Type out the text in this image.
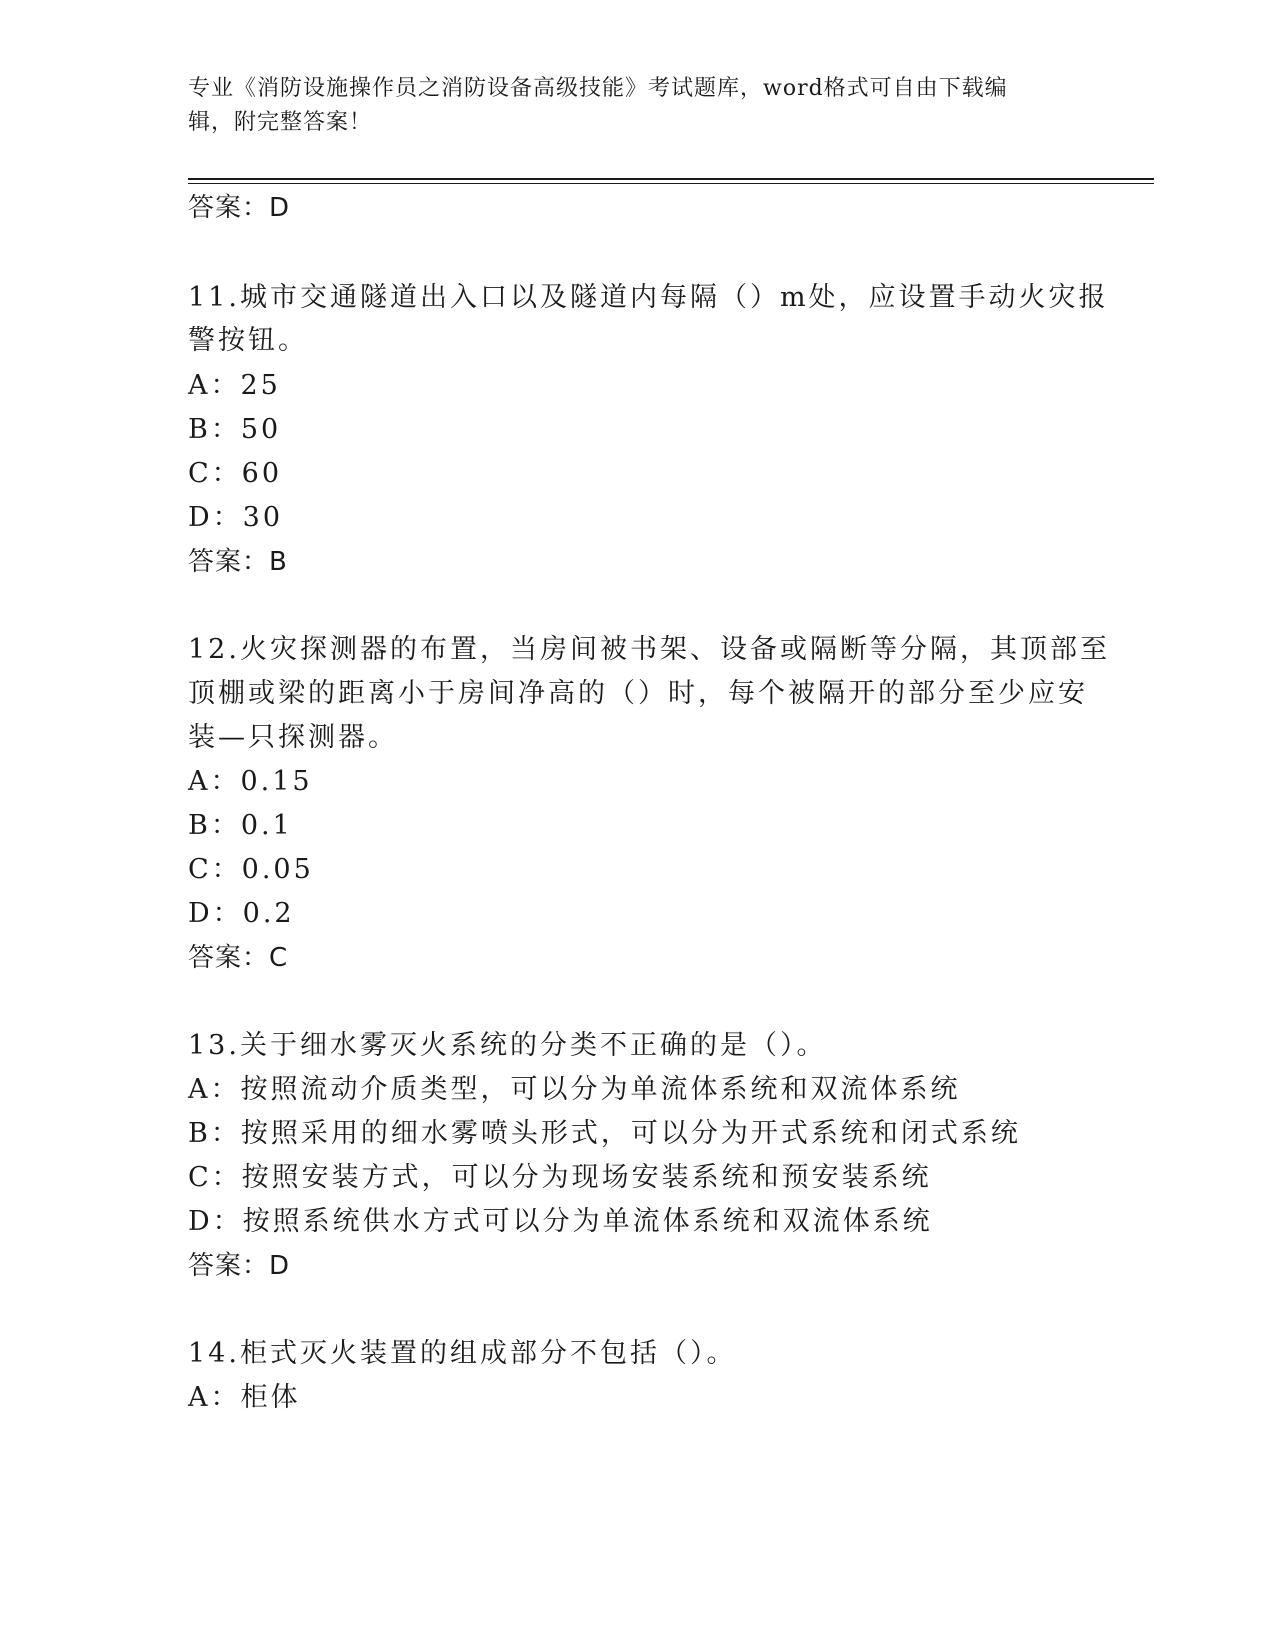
专业《消防设施操作员之消防设备高级技能》考试题库，word格式可自由下载编
辑，附完整答案！
答案：D
11.城市交通隧道出入口以及隧道内每隔（）m处，应设置手动火灾报
警按钮。
A：25
B：50
C：60
D：30
答案：B
12.火灾探测器的布置，当房间被书架、设备或隔断等分隔，其顶部至
顶棚或梁的距离小于房间净高的（）时，每个被隔开的部分至少应安
装—只探测器。
A：0.15
B：0.1
C：0.05
D：0.2
答案：C
13.关于细水雾灭火系统的分类不正确的是（）。
A：按照流动介质类型，可以分为单流体系统和双流体系统
B：按照采用的细水雾喷头形式，可以分为开式系统和闭式系统
C：按照安装方式，可以分为现场安装系统和预安装系统
D：按照系统供水方式可以分为单流体系统和双流体系统
答案：D
14.柜式灭火装置的组成部分不包括（）。
A：柜体
